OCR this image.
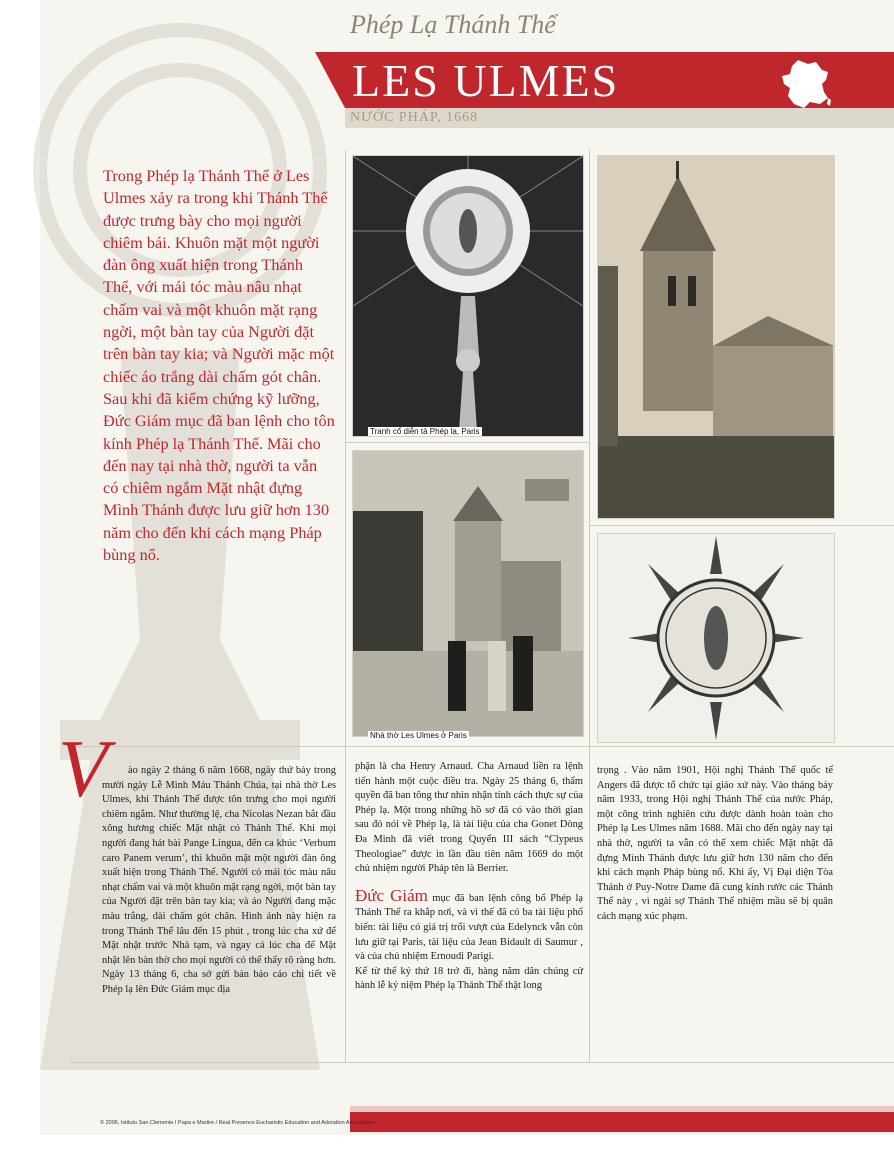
Phép Lạ Thánh Thể
LES ULMES
NƯỚC PHÁP, 1668
Trong Phép lạ Thánh Thể ở Les Ulmes xảy ra trong khi Thánh Thể được trưng bày cho mọi người chiêm bái. Khuôn mặt một người đàn ông xuất hiện trong Thánh Thể, với mái tóc màu nâu nhạt chấm vai và một khuôn mặt rạng ngời, một bàn tay của Người đặt trên bàn tay kia; và Người mặc một chiếc áo trắng dài chấm gót chân. Sau khi đã kiểm chứng kỹ lưỡng, Đức Giám mục đã ban lệnh cho tôn kính Phép lạ Thánh Thể. Mãi cho đến nay tại nhà thờ, người ta vẫn có chiêm ngắm Mặt nhật đựng Mình Thánh được lưu giữ hơn 130 năm cho đến khi cách mạng Pháp bùng nổ.
Tranh cổ diễn tả Phép lạ, Paris
Nhà thờ Les Ulmes ở Paris
V	ào ngày 2 tháng 6 năm 1668, ngày thứ bảy trong mười ngày Lễ Mình Máu Thánh Chúa, tại nhà thờ Les Ulmes, khi Thánh Thể được tôn trưng cho mọi người chiêm ngắm. Như thường lệ, cha Nicolas Nezan bắt đầu xông hương chiếc Mặt nhật có Thánh Thể. Khi mọi người đang hát bài Pange Lingua, đến ca khúc ‘Verbum caro Panem verum’, thì khuôn mặt một người đàn ông xuất hiện trong Thánh Thể. Người có mái tóc màu nâu nhạt chấm vai và một khuôn mặt rạng ngời, một bàn tay của Người đặt trên bàn tay kia; và áo Người đang mặc màu trắng, dài chấm gót chân. Hình ảnh này hiện ra trong Thánh Thể lâu đến 15 phút , trong lúc cha xứ để Mặt nhật trước Nhà tạm, và ngay cả lúc cha để Mặt nhật lên bàn thờ cho mọi người có thể thấy rõ ràng hơn. Ngày 13 tháng 6, cha sở gửi bản báo cáo chi tiết về Phép lạ lên Đức Giám mục địa
phận là cha Henry Arnaud. Cha Arnaud liền ra lệnh tiến hành một cuộc điều tra. Ngày 25 tháng 6, thẩm quyền đã ban tông thư nhìn nhận tính cách thực sự của Phép lạ. Một trong những hồ sơ đã có vào thời gian sau đó nói về Phép lạ, là tài liệu của cha Gonet Dòng Đa Minh đã viết trong Quyển III sách “Clypeus Theologiae” được in lần đầu tiên năm 1669 do một chủ nhiệm người Pháp tên là Berrier.
Đức Giám mục đã ban lệnh công bố Phép lạ Thánh Thể ra khắp nơi, và vì thế đã có ba tài liệu phổ biến: tài liệu có giá trị trổi vượt của Edelynck vẫn còn lưu giữ tại Paris, tài liệu của Jean Bidault di Saumur , và của chủ nhiệm Ernoudi Parigi.
Kể từ thế kỷ thứ 18 trở đi, hàng năm dân chúng cử hành lễ kỷ niệm Phép lạ Thánh Thể thật long
trọng . Vào năm 1901, Hội nghị Thánh Thể quốc tế Angers đã được tổ chức tại giáo xứ này. Vào tháng bảy năm 1933, trong Hội nghị Thánh Thể của nước Pháp, một công trình nghiên cứu được dành hoàn toàn cho Phép lạ Les Ulmes năm 1688. Mãi cho đến ngày nay tại nhà thờ, người ta vẫn có thể xem chiếc Mặt nhật đã đựng Mình Thánh được lưu giữ hơn 130 năm cho đến khi cách mạnh Pháp bùng nổ. Khi ấy, Vị Đại diện Tòa Thánh ở Puy-Notre Dame đã cung kính rước các Thánh Thể này , vì ngài sợ Thánh Thể nhiệm mầu sẽ bị quân cách mạng xúc phạm.
© 2006, Istituto San Clemente I Papa e Martire / Real Presence Eucharistic Education and Adoration Association
